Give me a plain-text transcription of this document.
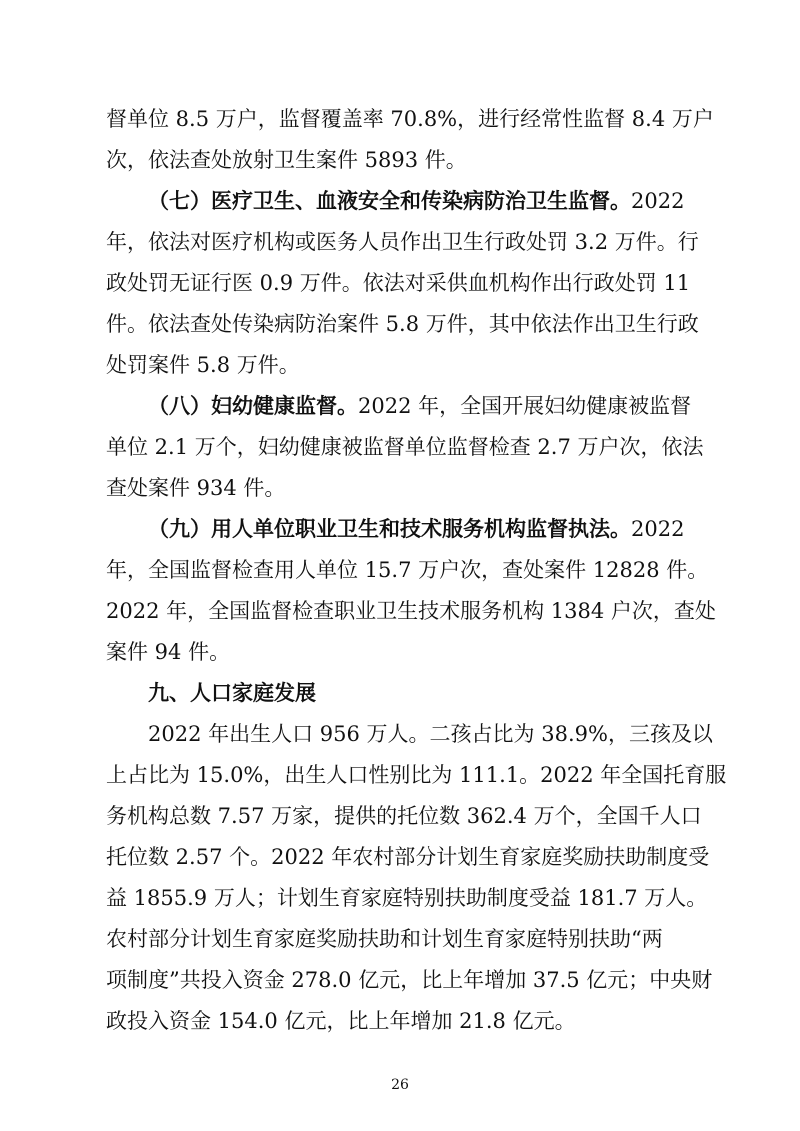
督单位 8.5 万户，监督覆盖率 70.8%，进行经常性监督 8.4 万户
次，依法查处放射卫生案件 5893 件。
（七）医疗卫生、血液安全和传染病防治卫生监督。2022
年，依法对医疗机构或医务人员作出卫生行政处罚 3.2 万件。行
政处罚无证行医 0.9 万件。依法对采供血机构作出行政处罚 11
件。依法查处传染病防治案件 5.8 万件，其中依法作出卫生行政
处罚案件 5.8 万件。
（八）妇幼健康监督。2022 年，全国开展妇幼健康被监督
单位 2.1 万个，妇幼健康被监督单位监督检查 2.7 万户次，依法
查处案件 934 件。
（九）用人单位职业卫生和技术服务机构监督执法。2022
年，全国监督检查用人单位 15.7 万户次，查处案件 12828 件。
2022 年，全国监督检查职业卫生技术服务机构 1384 户次，查处
案件 94 件。
九、人口家庭发展
2022 年出生人口 956 万人。二孩占比为 38.9%，三孩及以
上占比为 15.0%，出生人口性别比为 111.1。2022 年全国托育服
务机构总数 7.57 万家，提供的托位数 362.4 万个，全国千人口
托位数 2.57 个。2022 年农村部分计划生育家庭奖励扶助制度受
益 1855.9 万人；计划生育家庭特别扶助制度受益 181.7 万人。
农村部分计划生育家庭奖励扶助和计划生育家庭特别扶助“两
项制度”共投入资金 278.0 亿元，比上年增加 37.5 亿元；中央财
政投入资金 154.0 亿元，比上年增加 21.8 亿元。
26
